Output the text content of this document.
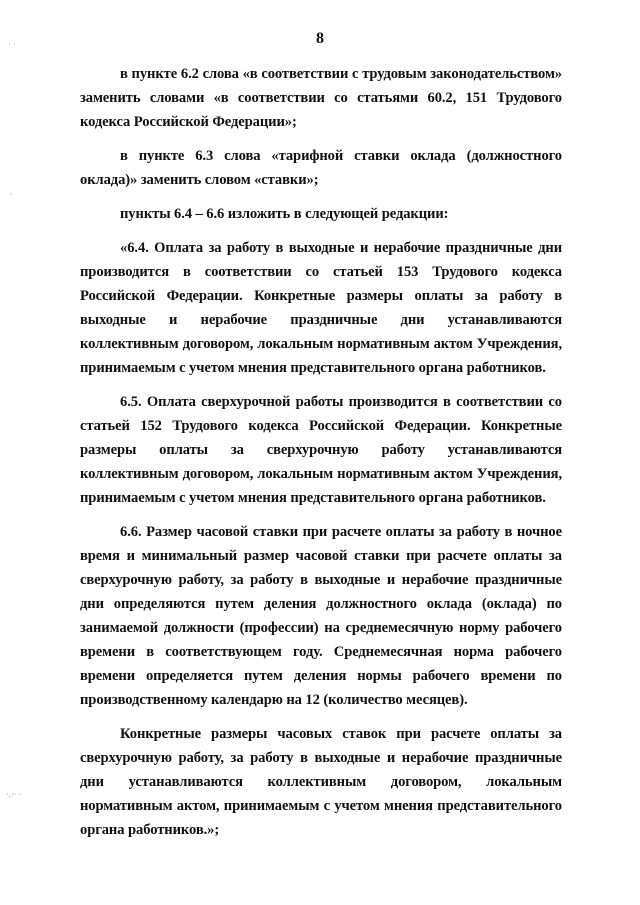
8

в пункте 6.2 слова «в соответствии с трудовым законодательством» заменить словами «в соответствии со статьями 60.2, 151 Трудового кодекса Российской Федерации»;

в пункте 6.3 слова «тарифной ставки оклада (должностного оклада)» заменить словом «ставки»;

пункты 6.4 – 6.6 изложить в следующей редакции:

«6.4. Оплата за работу в выходные и нерабочие праздничные дни производится в соответствии со статьей 153 Трудового кодекса Российской Федерации. Конкретные размеры оплаты за работу в выходные и нерабочие праздничные дни устанавливаются коллективным договором, локальным нормативным актом Учреждения, принимаемым с учетом мнения представительного органа работников.

6.5. Оплата сверхурочной работы производится в соответствии со статьей 152 Трудового кодекса Российской Федерации. Конкретные размеры оплаты за сверхурочную работу устанавливаются коллективным договором, локальным нормативным актом Учреждения, принимаемым с учетом мнения представительного органа работников.

6.6. Размер часовой ставки при расчете оплаты за работу в ночное время и минимальный размер часовой ставки при расчете оплаты за сверхурочную работу, за работу в выходные и нерабочие праздничные дни определяются путем деления должностного оклада (оклада) по занимаемой должности (профессии) на среднемесячную норму рабочего времени в соответствующем году. Среднемесячная норма рабочего времени определяется путем деления нормы рабочего времени по производственному календарю на 12 (количество месяцев).

Конкретные размеры часовых ставок при расчете оплаты за сверхурочную работу, за работу в выходные и нерабочие праздничные дни устанавливаются коллективным договором, локальным нормативным актом, принимаемым с учетом мнения представительного органа работников.»;

· ·
·
·.·· ·
